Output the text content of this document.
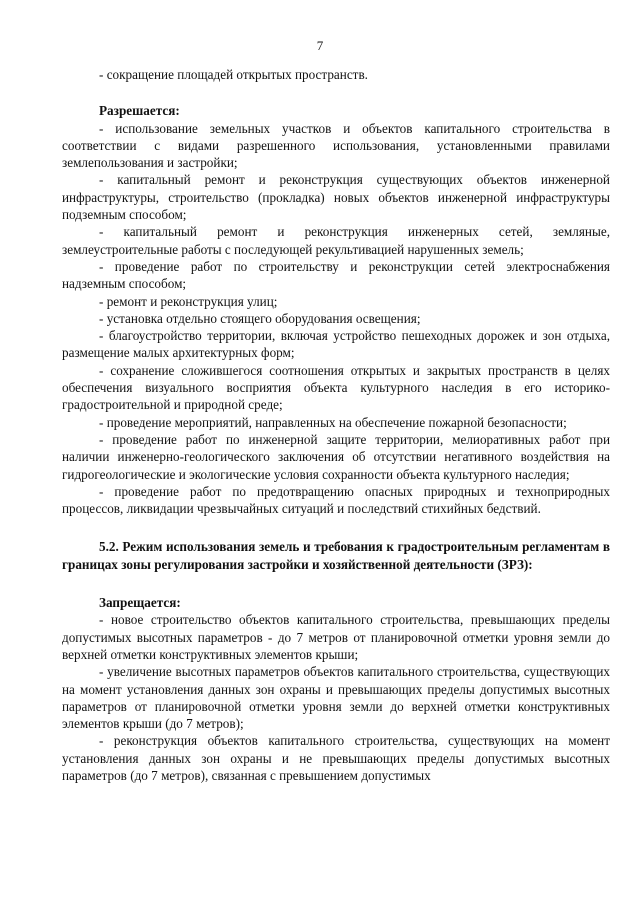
7

- сокращение площадей открытых пространств.

Разрешается:

- использование земельных участков и объектов капитального строительства в соответствии с видами разрешенного использования, установленными правилами землепользования и застройки;

- капитальный ремонт и реконструкция существующих объектов инженерной инфраструктуры, строительство (прокладка) новых объектов инженерной инфраструктуры подземным способом;

- капитальный ремонт и реконструкция инженерных сетей, земляные, землеустроительные работы с последующей рекультивацией нарушенных земель;

- проведение работ по строительству и реконструкции сетей электроснабжения надземным способом;

- ремонт и реконструкция улиц;

- установка отдельно стоящего оборудования освещения;

- благоустройство территории, включая устройство пешеходных дорожек и зон отдыха, размещение малых архитектурных форм;

- сохранение сложившегося соотношения открытых и закрытых пространств в целях обеспечения визуального восприятия объекта культурного наследия в его историко-градостроительной и природной среде;

- проведение мероприятий, направленных на обеспечение пожарной безопасности;

- проведение работ по инженерной защите территории, мелиоративных работ при наличии инженерно-геологического заключения об отсутствии негативного воздействия на гидрогеологические и экологические условия сохранности объекта культурного наследия;

- проведение работ по предотвращению опасных природных и техноприродных процессов, ликвидации чрезвычайных ситуаций и последствий стихийных бедствий.

5.2. Режим использования земель и требования к градостроительным регламентам в границах зоны регулирования застройки и хозяйственной деятельности (ЗРЗ):

Запрещается:

- новое строительство объектов капитального строительства, превышающих пределы допустимых высотных параметров - до 7 метров от планировочной отметки уровня земли до верхней отметки конструктивных элементов крыши;

- увеличение высотных параметров объектов капитального строительства, существующих на момент установления данных зон охраны и превышающих пределы допустимых высотных параметров от планировочной отметки уровня земли до верхней отметки конструктивных элементов крыши (до 7 метров);

- реконструкция объектов капитального строительства, существующих на момент установления данных зон охраны и не превышающих пределы допустимых высотных параметров (до 7 метров), связанная с превышением допустимых
